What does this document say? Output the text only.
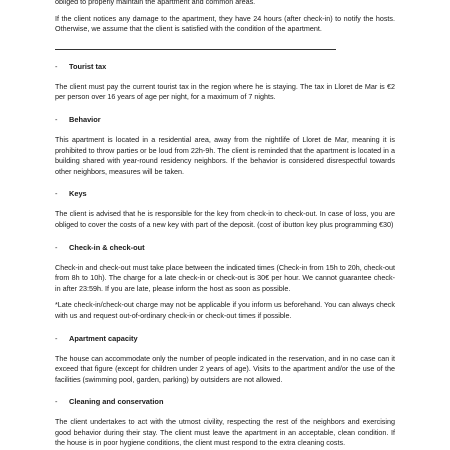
obliged to properly maintain the apartment and common areas.

If the client notices any damage to the apartment, they have 24 hours (after check-in) to notify the hosts. Otherwise, we assume that the client is satisfied with the condition of the apartment.

-	Tourist tax

The client must pay the current tourist tax in the region where he is staying. The tax in Lloret de Mar is €2 per person over 16 years of age per night, for a maximum of 7 nights.

-	Behavior

This apartment is located in a residential area, away from the nightlife of Lloret de Mar, meaning it is prohibited to throw parties or be loud from 22h-9h. The client is reminded that the apartment is located in a building shared with year-round residency neighbors. If the behavior is considered disrespectful towards other neighbors, measures will be taken.

-	Keys

The client is advised that he is responsible for the key from check-in to check-out. In case of loss, you are obliged to cover the costs of a new key with part of the deposit. (cost of ibutton key plus programming €30)

-	Check-in & check-out

Check-in and check-out must take place between the indicated times (Check-in from 15h to 20h, check-out from 8h to 10h). The charge for a late check-in or check-out is 30€ per hour. We cannot guarantee check-in after 23:59h. If you are late, please inform the host as soon as possible.

*Late check-in/check-out charge may not be applicable if you inform us beforehand. You can always check with us and request out-of-ordinary check-in or check-out times if possible.

-	Apartment capacity

The house can accommodate only the number of people indicated in the reservation, and in no case can it exceed that figure (except for children under 2 years of age). Visits to the apartment and/or the use of the facilities (swimming pool, garden, parking) by outsiders are not allowed.

-	Cleaning and conservation

The client undertakes to act with the utmost civility, respecting the rest of the neighbors and exercising good behavior during their stay. The client must leave the apartment in an acceptable, clean condition. If the house is in poor hygiene conditions, the client must respond to the extra cleaning costs.
